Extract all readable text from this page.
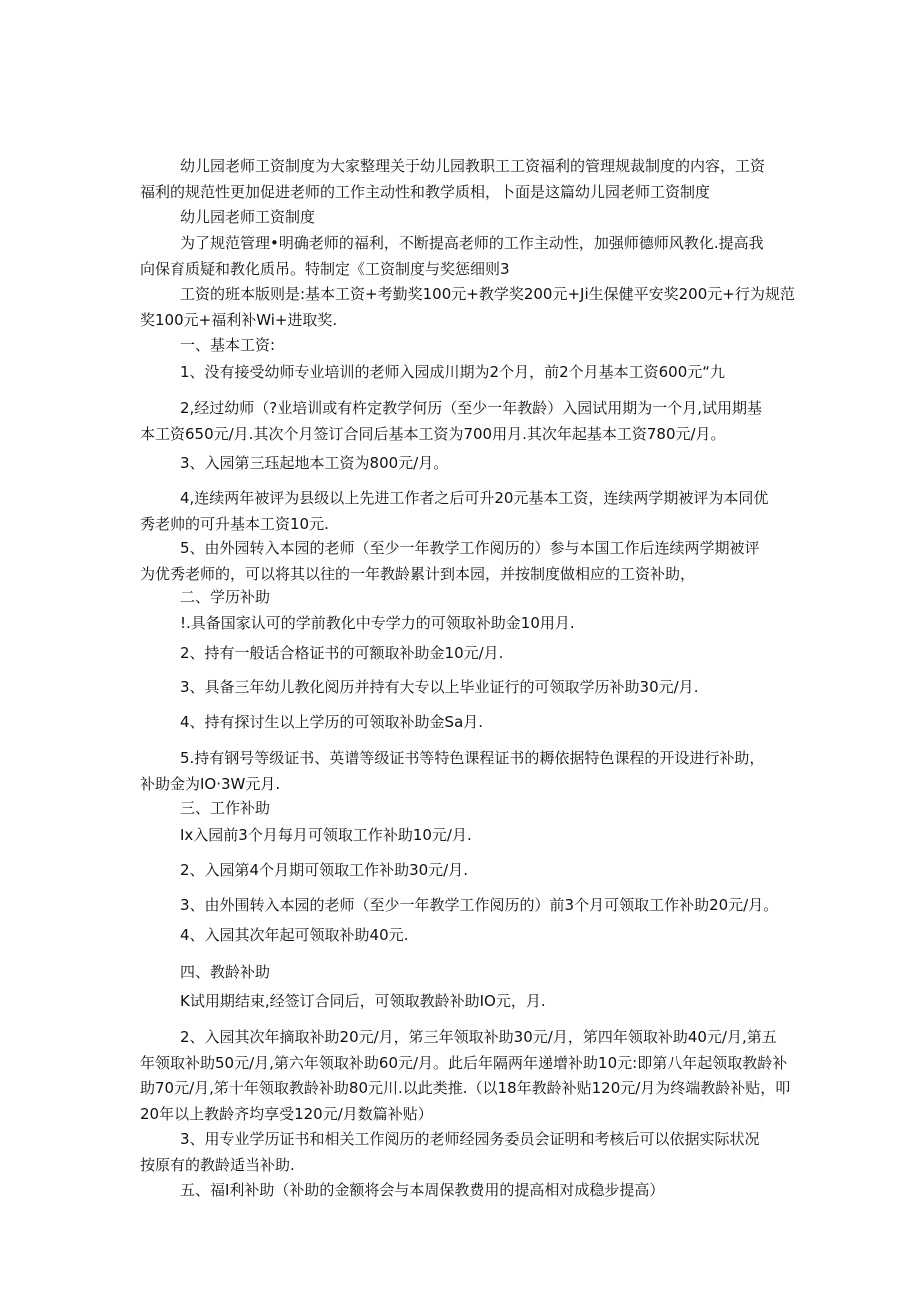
幼儿园老师工资制度为大家整理关于幼儿园教职工工资福利的管理规裁制度的内容，工资
福利的规范性更加促进老师的工作主动性和教学质相，卜面是这篇幼儿园老师工资制度
幼儿园老师工资制度
为了规范管理•明确老师的福利，不断提高老师的工作主动性，加强师德师风教化.提高我
向保育质疑和教化质吊。特制定《工资制度与奖惩细则3
工资的班本版则是:基本工资+考勤奖100元+教学奖200元+Ji生保健平安奖200元+行为规范
奖100元+福利补Wi+进取奖.
一、基本工资:
1、没有接受幼师专业培训的老师入园成川期为2个月，前2个月基本工资600元“九
2,经过幼师（?业培训或有杵定教学何历（至少一年教龄）入园试用期为一个月,试用期基
本工资650元/月.其次个月签订合同后基本工资为700用月.其次年起基本工资780元/月。
3、入园第三珏起地本工资为800元/月。
4,连续两年被评为县级以上先进工作者之后可升20元基本工资，连续两学期被评为本同优
秀老帅的可升基本工资10元.
5、由外园转入本园的老师（至少一年教学工作阅历的）参与本国工作后连续两学期被评
为优秀老师的，可以将其以往的一年教龄累计到本园，并按制度做相应的工资补助，
二、学历补助
!.具备国家认可的学前教化中专学力的可领取补助金10用月.
2、持有一般话合格证书的可额取补助金10元/月.
3、具备三年幼儿教化阅历并持有大专以上毕业证行的可领取学历补助30元/月.
4、持有探讨生以上学历的可领取补助金Sa月.
5.持有钢号等级证书、英谱等级证书等特色课程证书的耨依据特色课程的开设进行补助，
补助金为IO·3W元月.
三、工作补助
Ix入园前3个月每月可领取工作补助10元/月.
2、入园第4个月期可领取工作补助30元/月.
3、由外围转入本园的老师（至少一年教学工作阅历的）前3个月可领取工作补助20元/月。
4、入园其次年起可领取补助40元.
四、教龄补助
K试用期结束,经签订合同后，可领取教龄补助IO元，月.
2、入园其次年摘取补助20元/月，笫三年领取补助30元/月，笫四年领取补助40元/月,第五
年领取补助50元/月,第六年领取补助60元/月。此后年隔两年递增补助10元:即第八年起领取教龄补
助70元/月,笫十年领取教龄补助80元川.以此类推.（以18年教龄补贴120元/月为终端教龄补贴，叩
20年以上教龄齐均享受120元/月数篇补贴）
3、用专业学历证书和相关工作阅历的老师经园务委员会证明和考核后可以依据实际状况
按原有的教龄适当补助.
五、福I利补助（补助的金额将会与本周保教费用的提高相对成稳步提高）
